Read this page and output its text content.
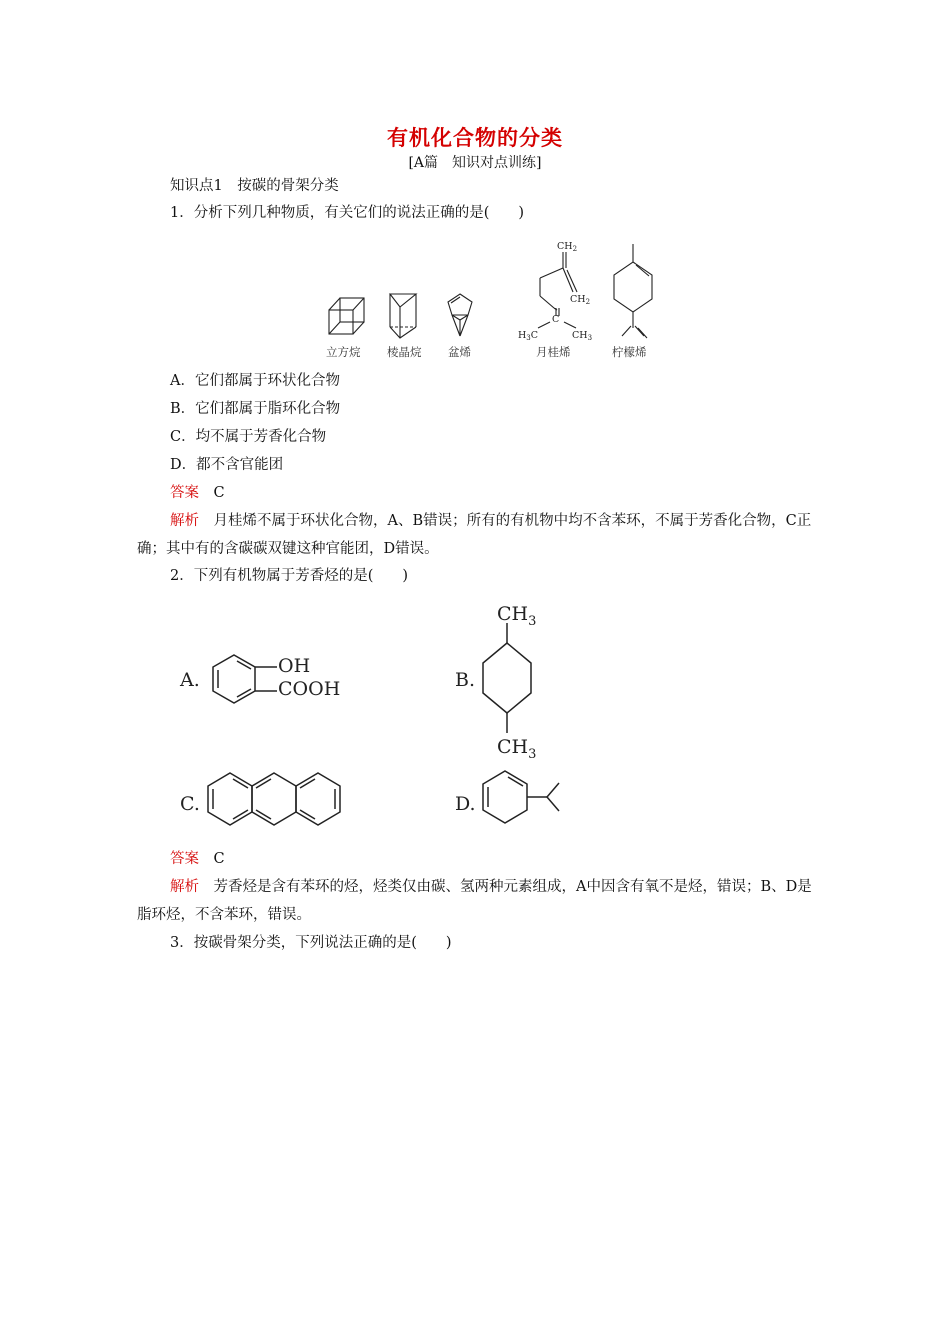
有机化合物的分类
[A篇　知识对点训练]
知识点1　按碳的骨架分类
1．分析下列几种物质，有关它们的说法正确的是(　　)
$CH_2$
$CH_2$
C
$H_3C$	$CH_3$
立方烷 棱晶烷 盆烯	月桂烯	柠檬烯
A．它们都属于环状化合物
B．它们都属于脂环化合物
C．均不属于芳香化合物
D．都不含官能团
答案　 C
解析　 月桂烯不属于环状化合物，A、B错误；所有的有机物中均不含苯环，不属于芳香化合物，C正确；其中有的含碳碳双键这种官能团，D错误。
2．下列有机物属于芳香烃的是(　　)
A.	B.
C.	D.
OH
COOH
$CH_3$
$CH_3$
答案　 C
解析　 芳香烃是含有苯环的烃，烃类仅由碳、氢两种元素组成，A中因含有氧不是烃，错误；B、D是脂环烃，不含苯环，错误。
3．按碳骨架分类，下列说法正确的是(　　)
